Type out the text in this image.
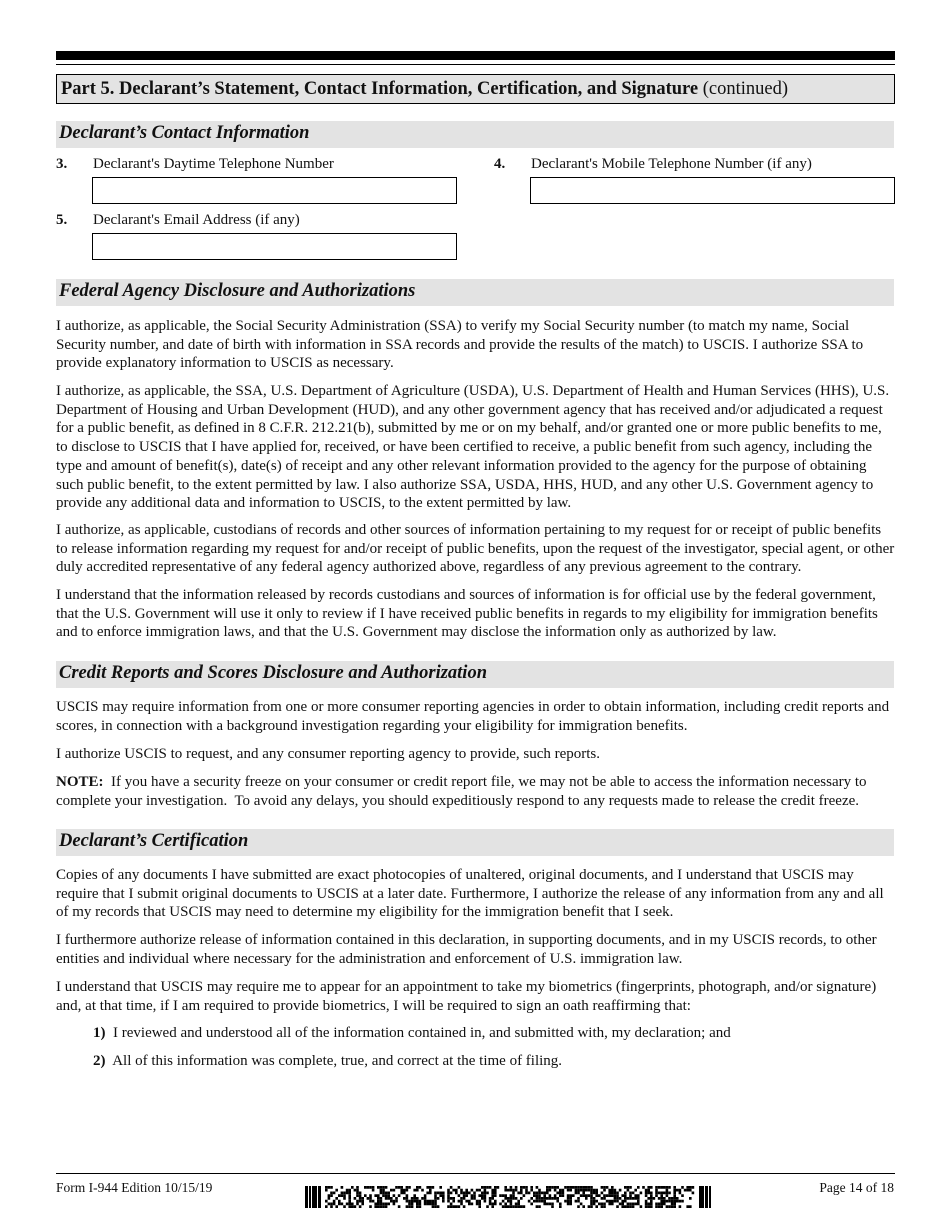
Part 5. Declarant’s Statement, Contact Information, Certification, and Signature (continued)
Declarant’s Contact Information
3. Declarant's Daytime Telephone Number	4. Declarant's Mobile Telephone Number (if any)
5. Declarant's Email Address (if any)
Federal Agency Disclosure and Authorizations

I authorize, as applicable, the Social Security Administration (SSA) to verify my Social Security number (to match my name, Social Security number, and date of birth with information in SSA records and provide the results of the match) to USCIS. I authorize SSA to provide explanatory information to USCIS as necessary.

I authorize, as applicable, the SSA, U.S. Department of Agriculture (USDA), U.S. Department of Health and Human Services (HHS), U.S. Department of Housing and Urban Development (HUD), and any other government agency that has received and/or adjudicated a request for a public benefit, as defined in 8 C.F.R. 212.21(b), submitted by me or on my behalf, and/or granted one or more public benefits to me, to disclose to USCIS that I have applied for, received, or have been certified to receive, a public benefit from such agency, including the type and amount of benefit(s), date(s) of receipt and any other relevant information provided to the agency for the purpose of obtaining such public benefit, to the extent permitted by law. I also authorize SSA, USDA, HHS, HUD, and any other U.S. Government agency to provide any additional data and information to USCIS, to the extent permitted by law.

I authorize, as applicable, custodians of records and other sources of information pertaining to my request for or receipt of public benefits to release information regarding my request for and/or receipt of public benefits, upon the request of the investigator, special agent, or other duly accredited representative of any federal agency authorized above, regardless of any previous agreement to the contrary.

I understand that the information released by records custodians and sources of information is for official use by the federal government, that the U.S. Government will use it only to review if I have received public benefits in regards to my eligibility for immigration benefits and to enforce immigration laws, and that the U.S. Government may disclose the information only as authorized by law.

Credit Reports and Scores Disclosure and Authorization

USCIS may require information from one or more consumer reporting agencies in order to obtain information, including credit reports and scores, in connection with a background investigation regarding your eligibility for immigration benefits.

I authorize USCIS to request, and any consumer reporting agency to provide, such reports.

NOTE:  If you have a security freeze on your consumer or credit report file, we may not be able to access the information necessary to complete your investigation.  To avoid any delays, you should expeditiously respond to any requests made to release the credit freeze.

Declarant’s Certification

Copies of any documents I have submitted are exact photocopies of unaltered, original documents, and I understand that USCIS may require that I submit original documents to USCIS at a later date. Furthermore, I authorize the release of any information from any and all of my records that USCIS may need to determine my eligibility for the immigration benefit that I seek.

I furthermore authorize release of information contained in this declaration, in supporting documents, and in my USCIS records, to other entities and individual where necessary for the administration and enforcement of U.S. immigration law.

I understand that USCIS may require me to appear for an appointment to take my biometrics (fingerprints, photograph, and/or signature) and, at that time, if I am required to provide biometrics, I will be required to sign an oath reaffirming that:

1) I reviewed and understood all of the information contained in, and submitted with, my declaration; and
2) All of this information was complete, true, and correct at the time of filing.
Form I-944 Edition 10/15/19	Page 14 of 18
